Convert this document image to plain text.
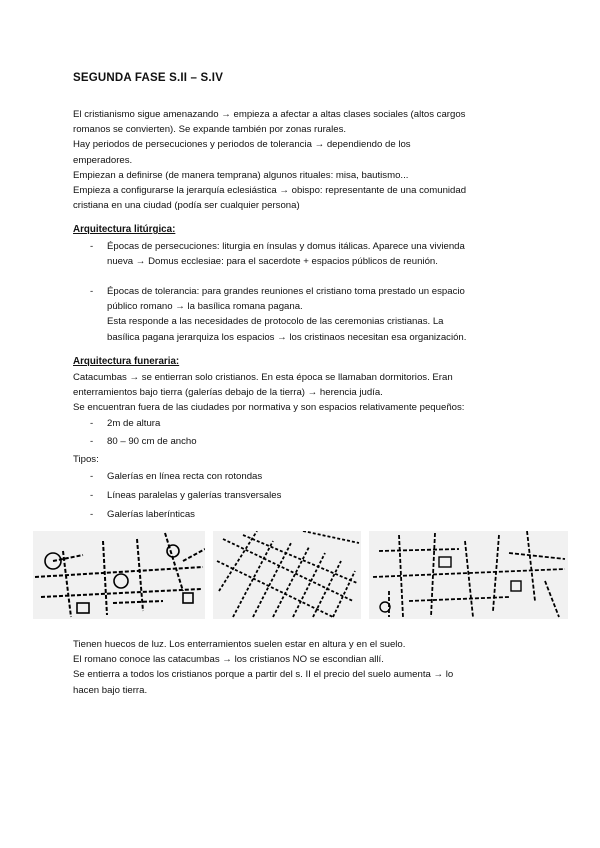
SEGUNDA FASE S.II – S.IV
El cristianismo sigue amenazando → empieza a afectar a altas clases sociales (altos cargos
romanos se convierten). Se expande también por zonas rurales.
Hay periodos de persecuciones y periodos de tolerancia → dependiendo de los
emperadores.
Empiezan a definirse (de manera temprana) algunos rituales: misa, bautismo...
Empieza a configurarse la jerarquía eclesiástica → obispo: representante de una comunidad
cristiana en una ciudad (podía ser cualquier persona)
Arquitectura litúrgica:
- Épocas de persecuciones: liturgia en ínsulas y domus itálicas. Aparece una vivienda
nueva → Domus ecclesiae: para el sacerdote + espacios públicos de reunión.
- Épocas de tolerancia: para grandes reuniones el cristiano toma prestado un espacio
público romano → la basílica romana pagana.
Esta responde a las necesidades de protocolo de las ceremonias cristianas. La
basílica pagana jerarquiza los espacios → los cristinaos necesitan esa organización.
Arquitectura funeraria:
Catacumbas → se entierran solo cristianos. En esta época se llamaban dormitorios. Eran
enterramientos bajo tierra (galerías debajo de la tierra) → herencia judía.
Se encuentran fuera de las ciudades por normativa y son espacios relativamente pequeños:
- 2m de altura
- 80 – 90 cm de ancho
Tipos:
- Galerías en línea recta con rotondas
- Líneas paralelas y galerías transversales
- Galerías laberínticas
Tienen huecos de luz. Los enterramientos suelen estar en altura y en el suelo.
El romano conoce las catacumbas → los cristianos NO se escondian allí.
Se entierra a todos los cristianos porque a partir del s. II el precio del suelo aumenta → lo
hacen bajo tierra.
